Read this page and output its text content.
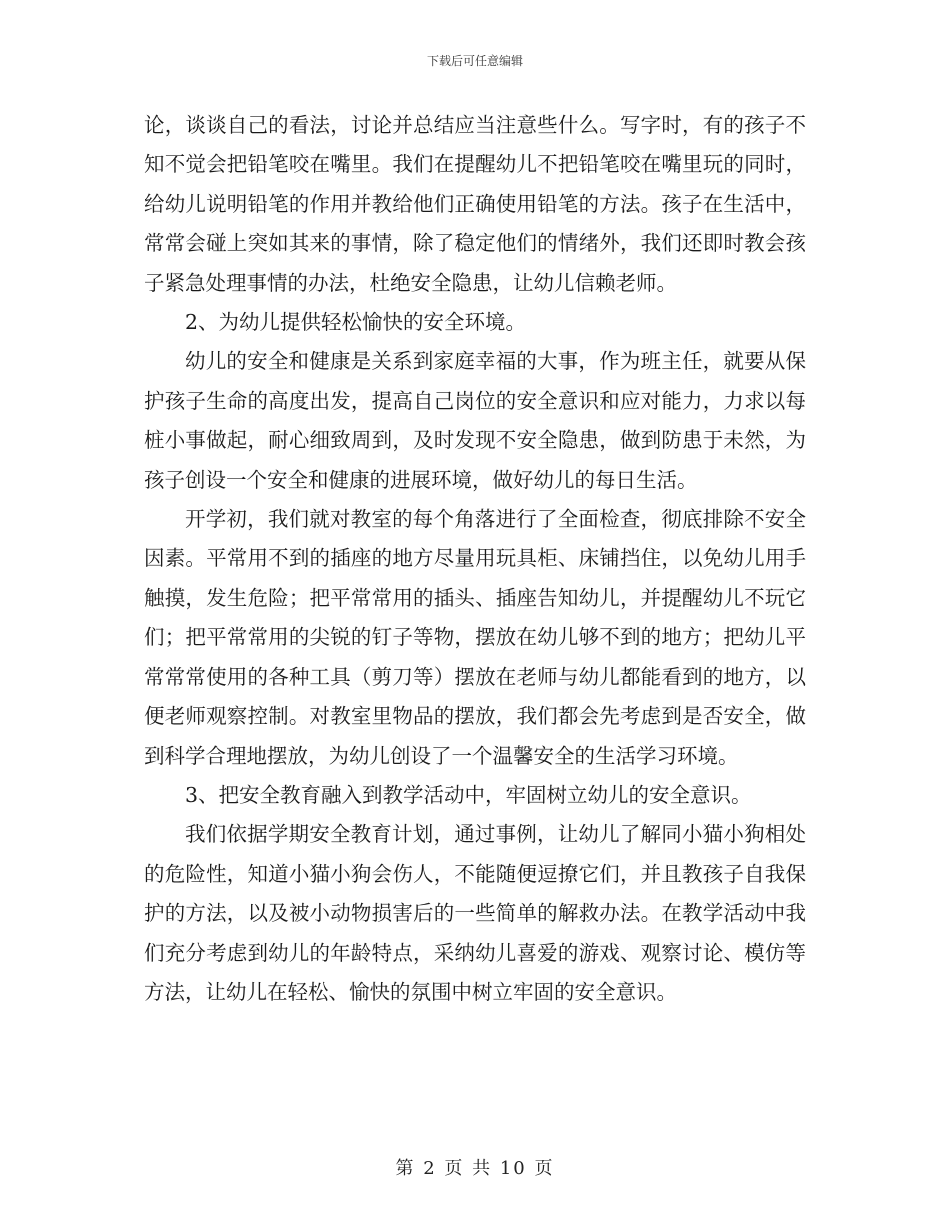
下载后可任意编辑

论，谈谈自己的看法，讨论并总结应当注意些什么。写字时，有的孩子不知不觉会把铅笔咬在嘴里。我们在提醒幼儿不把铅笔咬在嘴里玩的同时，给幼儿说明铅笔的作用并教给他们正确使用铅笔的方法。孩子在生活中，常常会碰上突如其来的事情，除了稳定他们的情绪外，我们还即时教会孩子紧急处理事情的办法，杜绝安全隐患，让幼儿信赖老师。

2、为幼儿提供轻松愉快的安全环境。

幼儿的安全和健康是关系到家庭幸福的大事，作为班主任，就要从保护孩子生命的高度出发，提高自己岗位的安全意识和应对能力，力求以每桩小事做起，耐心细致周到，及时发现不安全隐患，做到防患于未然，为孩子创设一个安全和健康的进展环境，做好幼儿的每日生活。

开学初，我们就对教室的每个角落进行了全面检查，彻底排除不安全因素。平常用不到的插座的地方尽量用玩具柜、床铺挡住，以免幼儿用手触摸，发生危险；把平常常用的插头、插座告知幼儿，并提醒幼儿不玩它们；把平常常用的尖锐的钉子等物，摆放在幼儿够不到的地方；把幼儿平常常常使用的各种工具（剪刀等）摆放在老师与幼儿都能看到的地方，以便老师观察控制。对教室里物品的摆放，我们都会先考虑到是否安全，做到科学合理地摆放，为幼儿创设了一个温馨安全的生活学习环境。

3、把安全教育融入到教学活动中，牢固树立幼儿的安全意识。

我们依据学期安全教育计划，通过事例，让幼儿了解同小猫小狗相处的危险性，知道小猫小狗会伤人，不能随便逗撩它们，并且教孩子自我保护的方法，以及被小动物损害后的一些简单的解救办法。在教学活动中我们充分考虑到幼儿的年龄特点，采纳幼儿喜爱的游戏、观察讨论、模仿等方法，让幼儿在轻松、愉快的氛围中树立牢固的安全意识。

第 2 页 共 10 页
